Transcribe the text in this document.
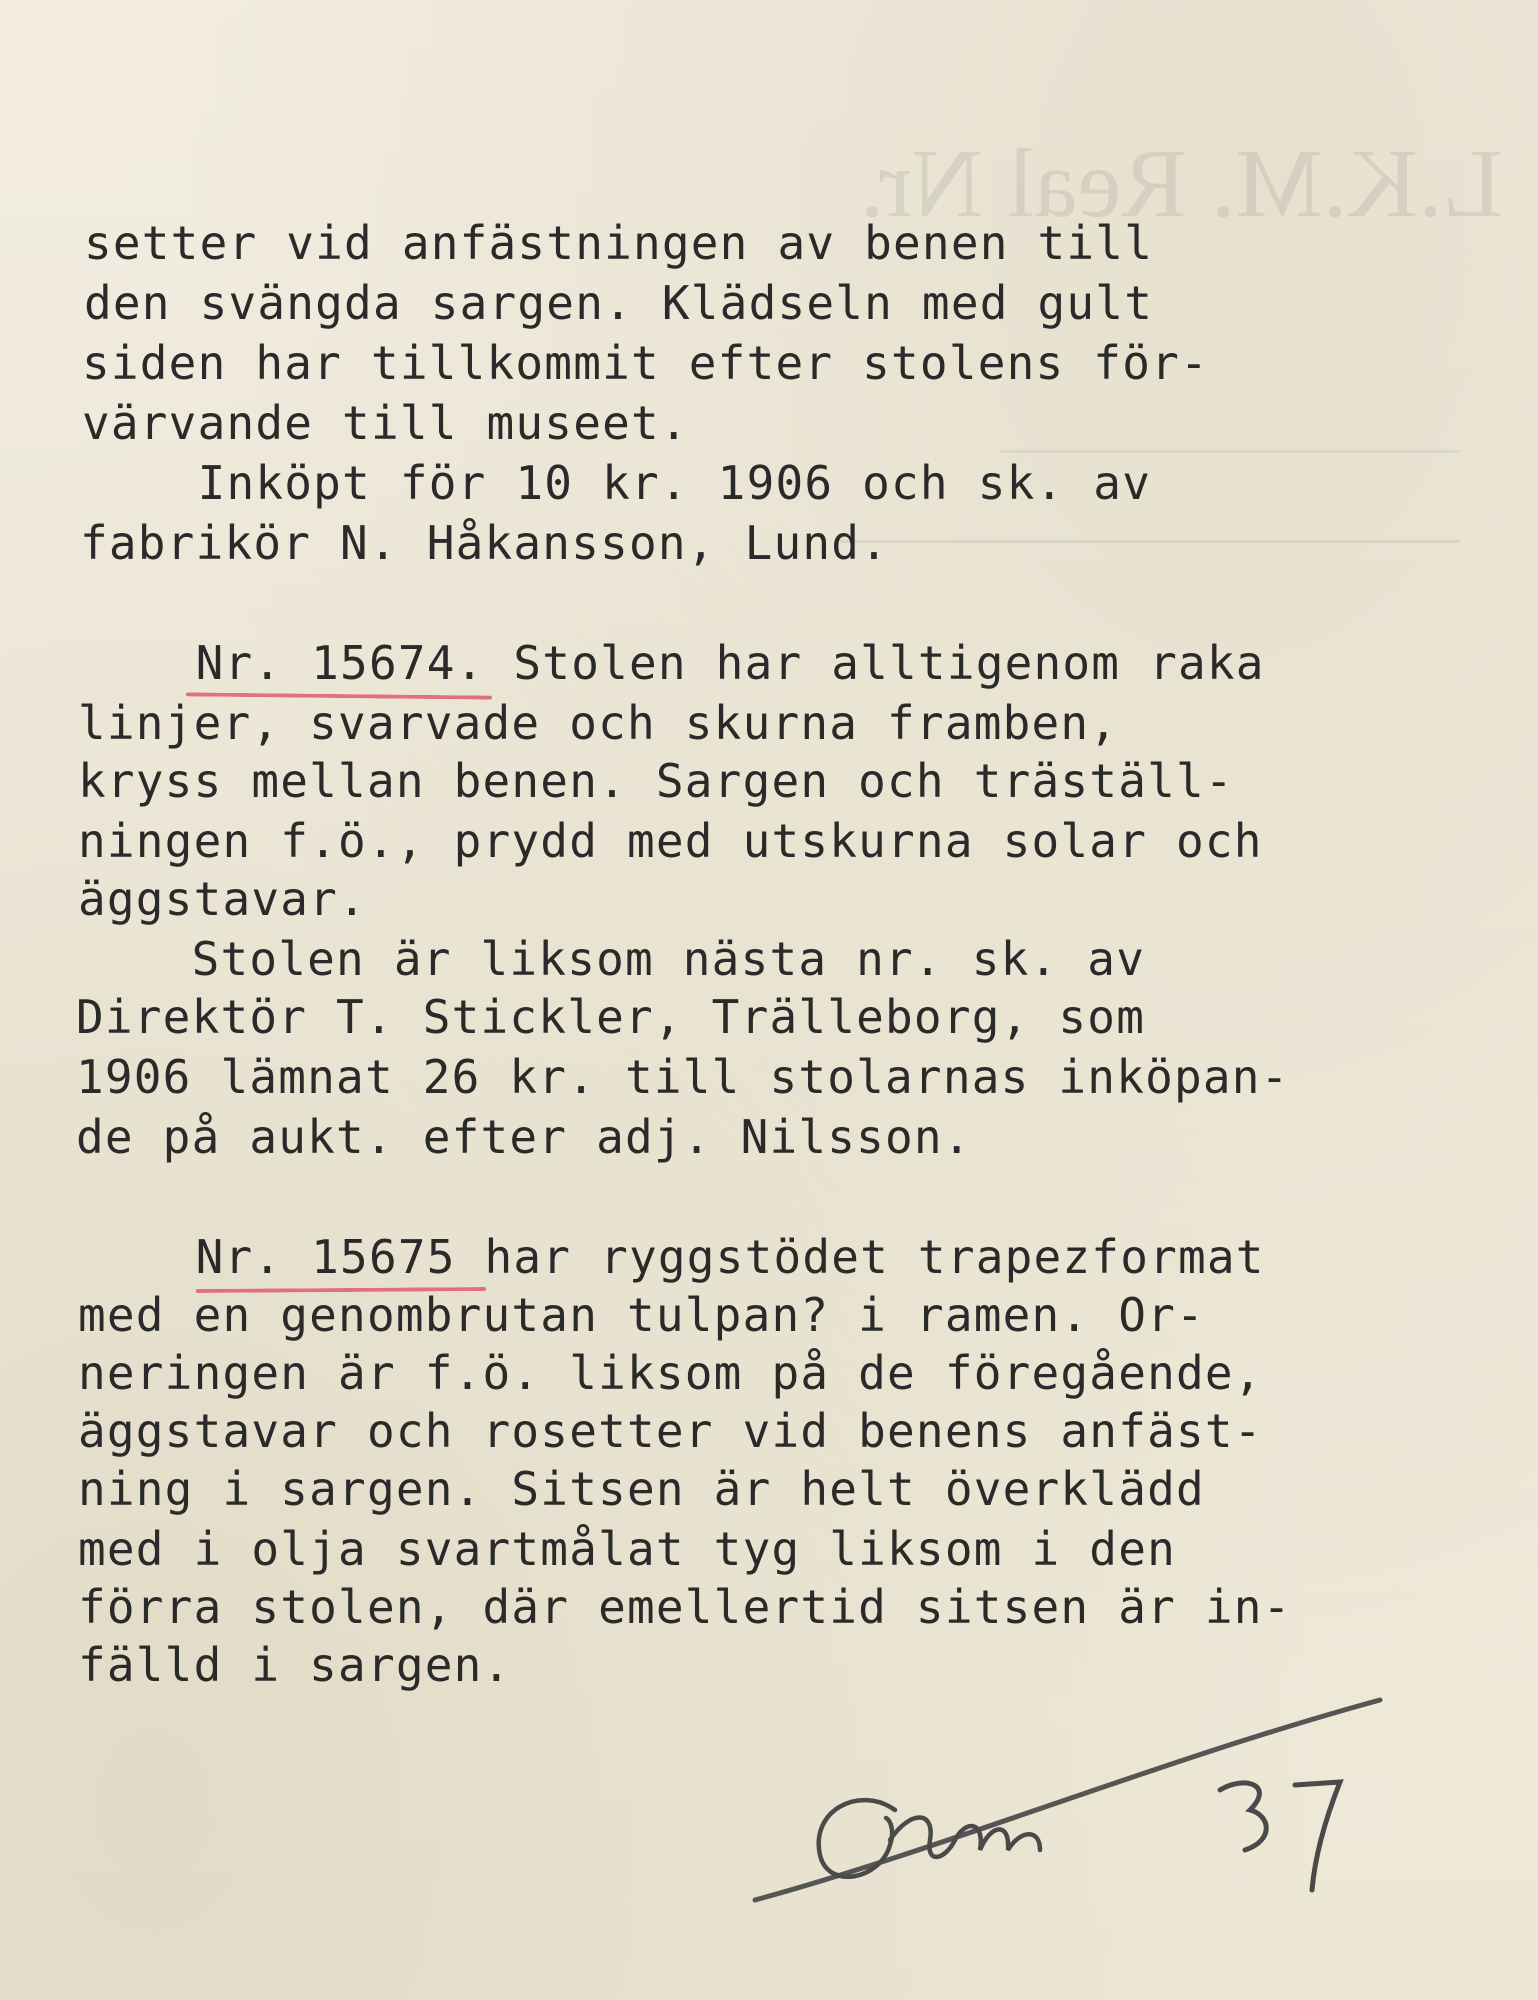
L.K.M. Real Nr.
setter vid anfästningen av benen till
den svängda sargen. Klädseln med gult
siden har tillkommit efter stolens för-
värvande till museet.
Inköpt för 10 kr. 1906 och sk. av
fabrikör N. Håkansson, Lund.
Nr. 15674. Stolen har alltigenom raka
linjer, svarvade och skurna framben,
kryss mellan benen. Sargen och träställ-
ningen f.ö., prydd med utskurna solar och
äggstavar.
Stolen är liksom nästa nr. sk. av
Direktör T. Stickler, Trälleborg, som
1906 lämnat 26 kr. till stolarnas inköpan-
de på aukt. efter adj. Nilsson.
Nr. 15675 har ryggstödet trapezformat
med en genombrutan tulpan? i ramen. Or-
neringen är f.ö. liksom på de föregående,
äggstavar och rosetter vid benens anfäst-
ning i sargen. Sitsen är helt överklädd
med i olja svartmålat tyg liksom i den
förra stolen, där emellertid sitsen är in-
fälld i sargen.
